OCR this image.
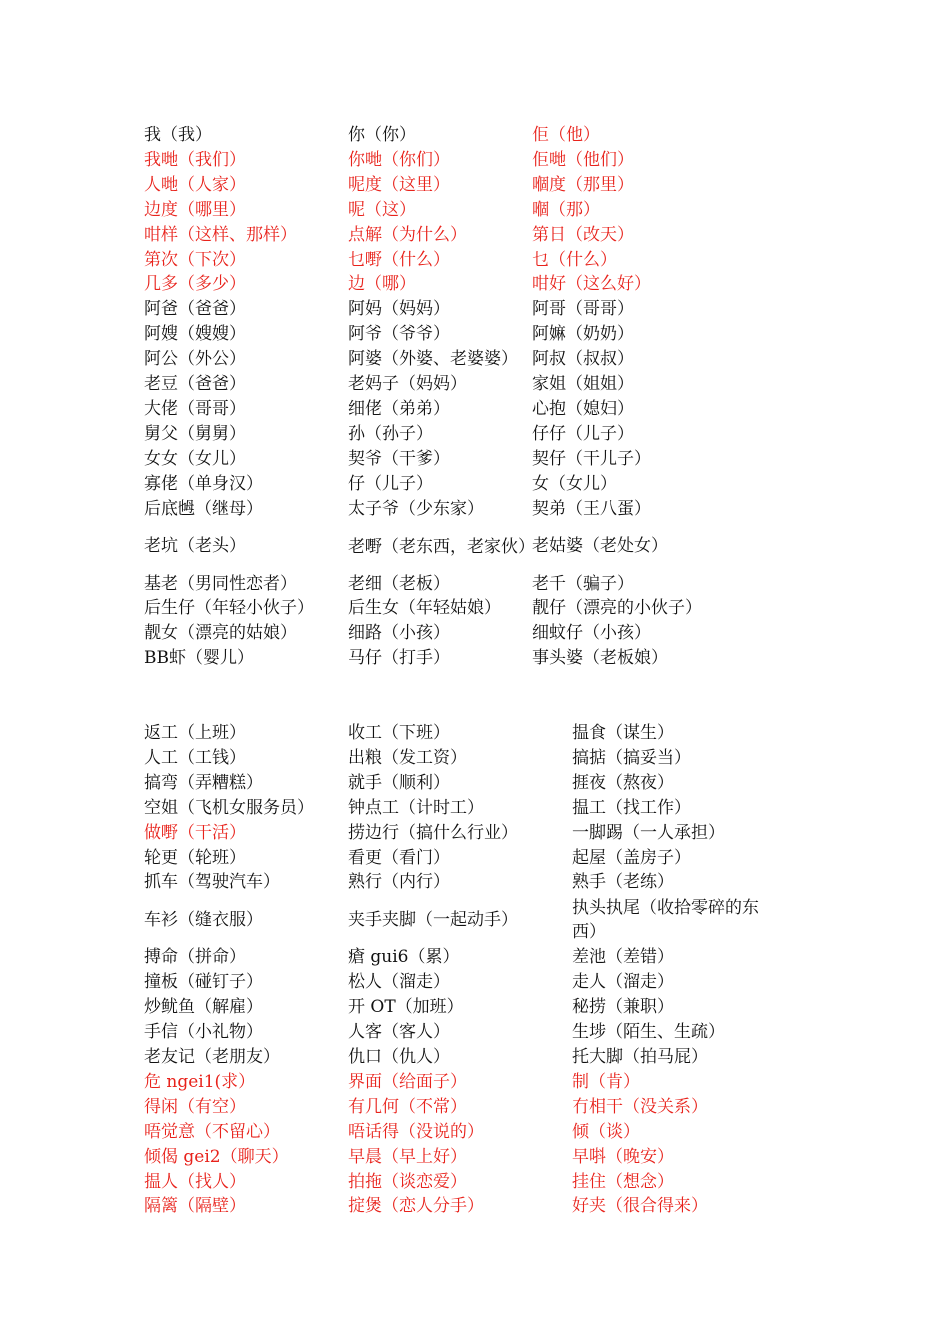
我（我）	你（你）	佢（他）
我哋（我们）	你哋（你们）	佢哋（他们）
人哋（人家）	呢度（这里）	嗰度（那里）
边度（哪里）	呢（这）	嗰（那）
咁样（这样、那样）	点解（为什么）	第日（改天）
第次（下次）	乜嘢（什么）	乜（什么）
几多（多少）	边（哪）	咁好（这么好）
阿爸（爸爸）	阿妈（妈妈）	阿哥（哥哥）
阿嫂（嫂嫂）	阿爷（爷爷）	阿嫲（奶奶）
阿公（外公）	阿婆（外婆、老婆婆）	阿叔（叔叔）
老豆（爸爸）	老妈子（妈妈）	家姐（姐姐）
大佬（哥哥）	细佬（弟弟）	心抱（媳妇）
舅父（舅舅）	孙（孙子）	仔仔（儿子）
女女（女儿）	契爷（干爹）	契仔（干儿子）
寡佬（单身汉）	仔（儿子）	女（女儿）
后底乸（继母）	太子爷（少东家）	契弟（王八蛋）
老坑（老头）	老嘢（老东西，老家伙）	老姑婆（老处女）
基老（男同性恋者）	老细（老板）	老千（骗子）
后生仔（年轻小伙子）	后生女（年轻姑娘）	靓仔（漂亮的小伙子）
靓女（漂亮的姑娘）	细路（小孩）	细蚊仔（小孩）
BB虾（婴儿）	马仔（打手）	事头婆（老板娘）
返工（上班）	收工（下班）	揾食（谋生）
人工（工钱）	出粮（发工资）	搞掂（搞妥当）
搞弯（弄糟糕）	就手（顺利）	捱夜（熬夜）
空姐（飞机女服务员）	钟点工（计时工）	揾工（找工作）
做嘢（干活）	捞边行（搞什么行业）	一脚踢（一人承担）
轮更（轮班）	看更（看门）	起屋（盖房子）
抓车（驾驶汽车）	熟行（内行）	熟手（老练）
车衫（缝衣服）	夹手夹脚（一起动手）	执头执尾（收拾零碎的东西）
搏命（拼命）	瘡 gui6（累）	差池（差错）
撞板（碰钉子）	松人（溜走）	走人（溜走）
炒鱿鱼（解雇）	开 OT（加班）	秘捞（兼职）
手信（小礼物）	人客（客人）	生埗（陌生、生疏）
老友记（老朋友）	仇口（仇人）	托大脚（拍马屁）
危 ngei1(求）	界面（给面子）	制（肯）
得闲（有空）	有几何（不常）	冇相干（没关系）
唔觉意（不留心）	唔话得（没说的）	倾（谈）
倾偈 gei2（聊天）	早晨（早上好）	早唞（晚安）
揾人（找人）	拍拖（谈恋爱）	挂住（想念）
隔篱（隔壁）	掟煲（恋人分手）	好夹（很合得来）
